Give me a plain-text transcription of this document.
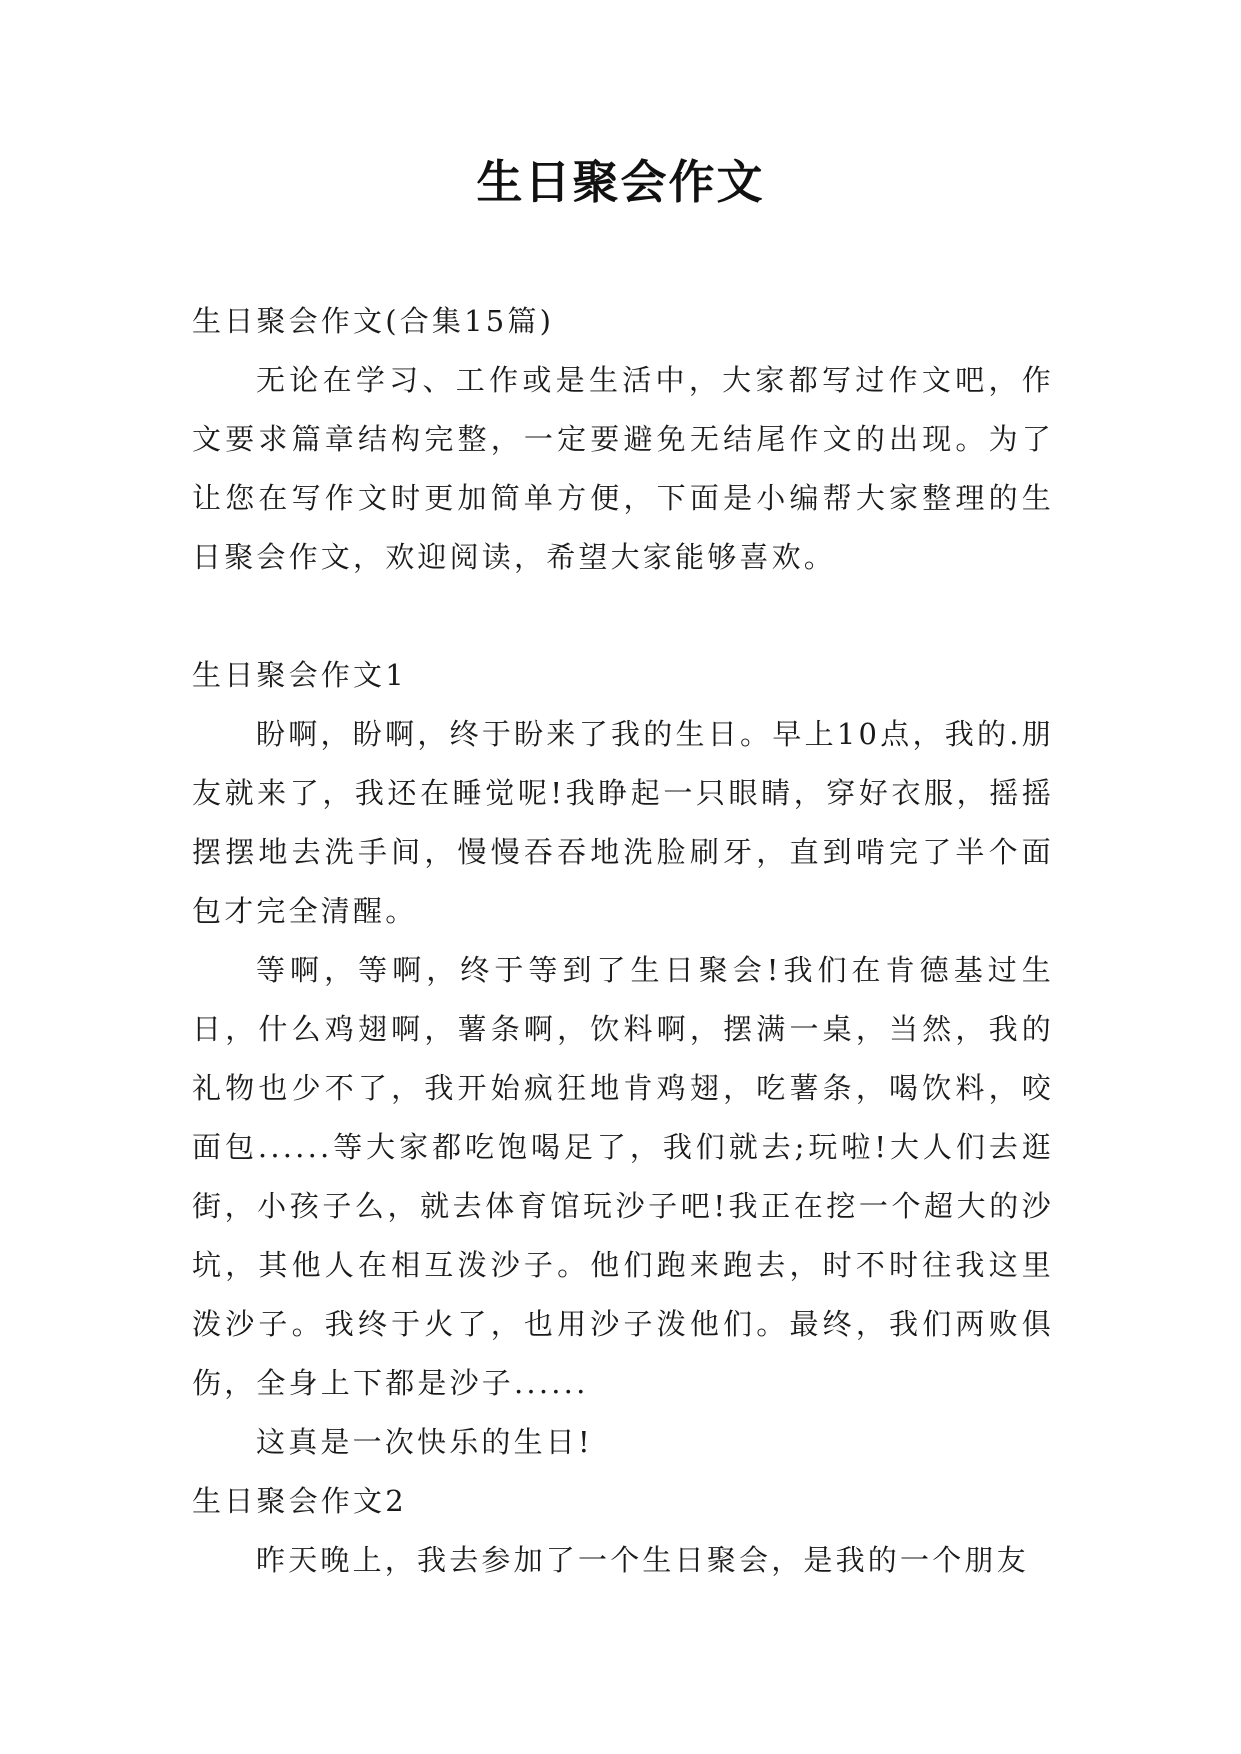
生日聚会作文

生日聚会作文(合集15篇)

无论在学习、工作或是生活中，大家都写过作文吧，作文要求篇章结构完整，一定要避免无结尾作文的出现。为了让您在写作文时更加简单方便，下面是小编帮大家整理的生日聚会作文，欢迎阅读，希望大家能够喜欢。

生日聚会作文1

盼啊，盼啊，终于盼来了我的生日。早上10点，我的.朋友就来了，我还在睡觉呢!我睁起一只眼睛，穿好衣服，摇摇摆摆地去洗手间，慢慢吞吞地洗脸刷牙，直到啃完了半个面包才完全清醒。

等啊，等啊，终于等到了生日聚会!我们在肯德基过生日，什么鸡翅啊，薯条啊，饮料啊，摆满一桌，当然，我的礼物也少不了，我开始疯狂地肯鸡翅，吃薯条，喝饮料，咬面包......等大家都吃饱喝足了，我们就去;玩啦!大人们去逛街，小孩子么，就去体育馆玩沙子吧!我正在挖一个超大的沙坑，其他人在相互泼沙子。他们跑来跑去，时不时往我这里泼沙子。我终于火了，也用沙子泼他们。最终，我们两败俱伤，全身上下都是沙子......

这真是一次快乐的生日!

生日聚会作文2

昨天晚上，我去参加了一个生日聚会，是我的一个朋友
